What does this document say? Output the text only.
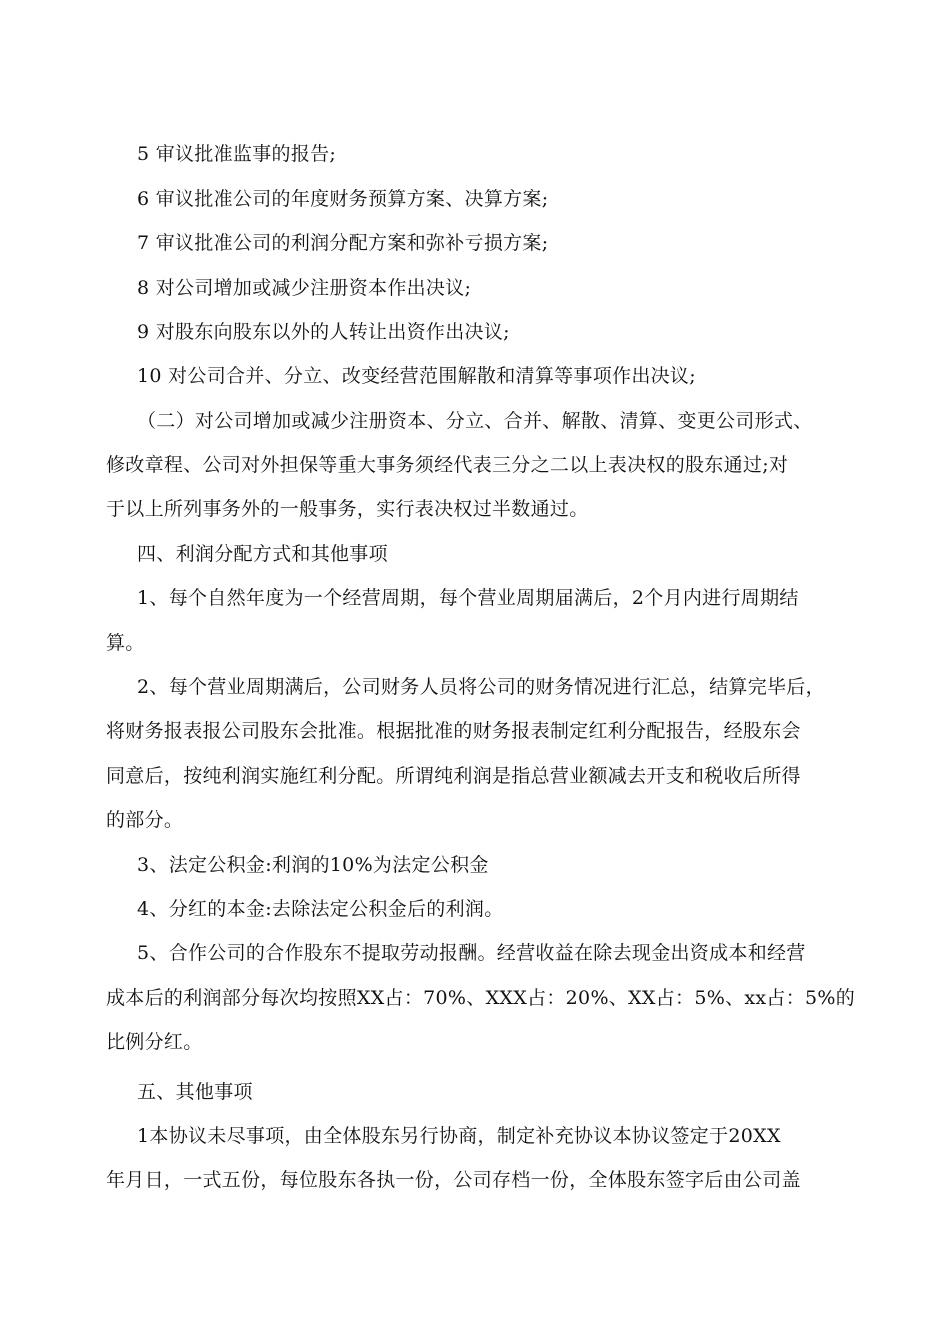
5 审议批准监事的报告;
6 审议批准公司的年度财务预算方案、决算方案;
7 审议批准公司的利润分配方案和弥补亏损方案;
8 对公司增加或减少注册资本作出决议;
9 对股东向股东以外的人转让出资作出决议;
10 对公司合并、分立、改变经营范围解散和清算等事项作出决议;
（二）对公司增加或减少注册资本、分立、合并、解散、清算、变更公司形式、
修改章程、公司对外担保等重大事务须经代表三分之二以上表决权的股东通过;对
于以上所列事务外的一般事务，实行表决权过半数通过。
四、利润分配方式和其他事项
1、每个自然年度为一个经营周期，每个营业周期届满后，2个月内进行周期结
算。
2、每个营业周期满后，公司财务人员将公司的财务情况进行汇总，结算完毕后，
将财务报表报公司股东会批准。根据批准的财务报表制定红利分配报告，经股东会
同意后，按纯利润实施红利分配。所谓纯利润是指总营业额减去开支和税收后所得
的部分。
3、法定公积金:利润的10%为法定公积金
4、分红的本金:去除法定公积金后的利润。
5、合作公司的合作股东不提取劳动报酬。经营收益在除去现金出资成本和经营
成本后的利润部分每次均按照XX占：70%、XXX占：20%、XX占：5%、xx占：5%的
比例分红。
五、其他事项
1本协议未尽事项，由全体股东另行协商，制定补充协议本协议签定于20XX
年月日，一式五份，每位股东各执一份，公司存档一份，全体股东签字后由公司盖
